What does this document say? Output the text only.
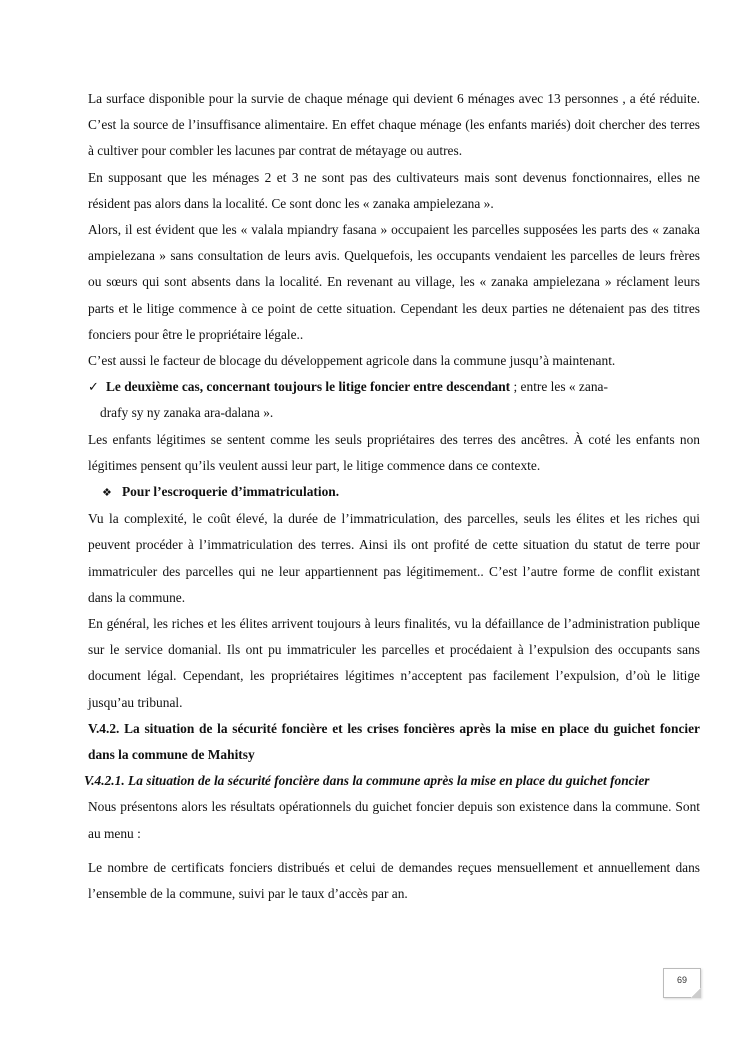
La surface disponible pour la survie de chaque ménage qui devient 6 ménages avec 13 personnes , a été réduite. C’est la source de l’insuffisance alimentaire. En effet chaque ménage (les enfants mariés) doit chercher des terres à cultiver pour combler les lacunes par contrat de métayage ou autres.

En supposant que les ménages 2 et 3 ne sont pas des cultivateurs mais sont devenus fonctionnaires, elles ne résident pas alors dans la localité. Ce sont donc les « zanaka ampielezana ».

Alors, il est évident que les « valala mpiandry fasana » occupaient les parcelles supposées les parts des « zanaka ampielezana » sans consultation de leurs avis. Quelquefois, les occupants vendaient les parcelles de leurs frères ou sœurs qui sont absents dans la localité. En revenant au village, les « zanaka ampielezana » réclament leurs parts et le litige commence à ce point de cette situation. Cependant les deux parties ne détenaient pas des titres fonciers pour être le propriétaire légale..

C’est aussi le facteur de blocage du développement agricole dans la commune jusqu’à maintenant.

✓ Le deuxième cas, concernant toujours le litige foncier entre descendant ; entre les « zana-

drafy sy ny zanaka ara-dalana ».

Les enfants légitimes se sentent comme les seuls propriétaires des terres des ancêtres. À coté les enfants non légitimes pensent qu’ils veulent aussi leur part, le litige commence dans ce contexte.

❖ Pour l’escroquerie d’immatriculation.

Vu la complexité, le coût élevé, la durée de l’immatriculation, des parcelles, seuls les élites et les riches qui peuvent procéder à l’immatriculation des terres. Ainsi ils ont profité de cette situation du statut de terre pour immatriculer des parcelles qui ne leur appartiennent pas légitimement.. C’est l’autre forme de conflit existant dans la commune.

En général, les riches et les élites arrivent toujours à leurs finalités, vu la défaillance de l’administration publique sur le service domanial. Ils ont pu immatriculer les parcelles et procédaient à l’expulsion des occupants sans document légal. Cependant, les propriétaires légitimes n’acceptent pas facilement l’expulsion, d’où le litige jusqu’au tribunal.

V.4.2. La situation de la sécurité foncière et les crises foncières après la mise en place du guichet foncier dans la commune de Mahitsy

V.4.2.1. La situation de la sécurité foncière dans la commune après la mise en place du guichet foncier

Nous présentons alors les résultats opérationnels du guichet foncier depuis son existence dans la commune. Sont au menu :

Le nombre de certificats fonciers distribués et celui de demandes reçues mensuellement et annuellement dans l’ensemble de la commune, suivi par le taux d’accès par an.

69
